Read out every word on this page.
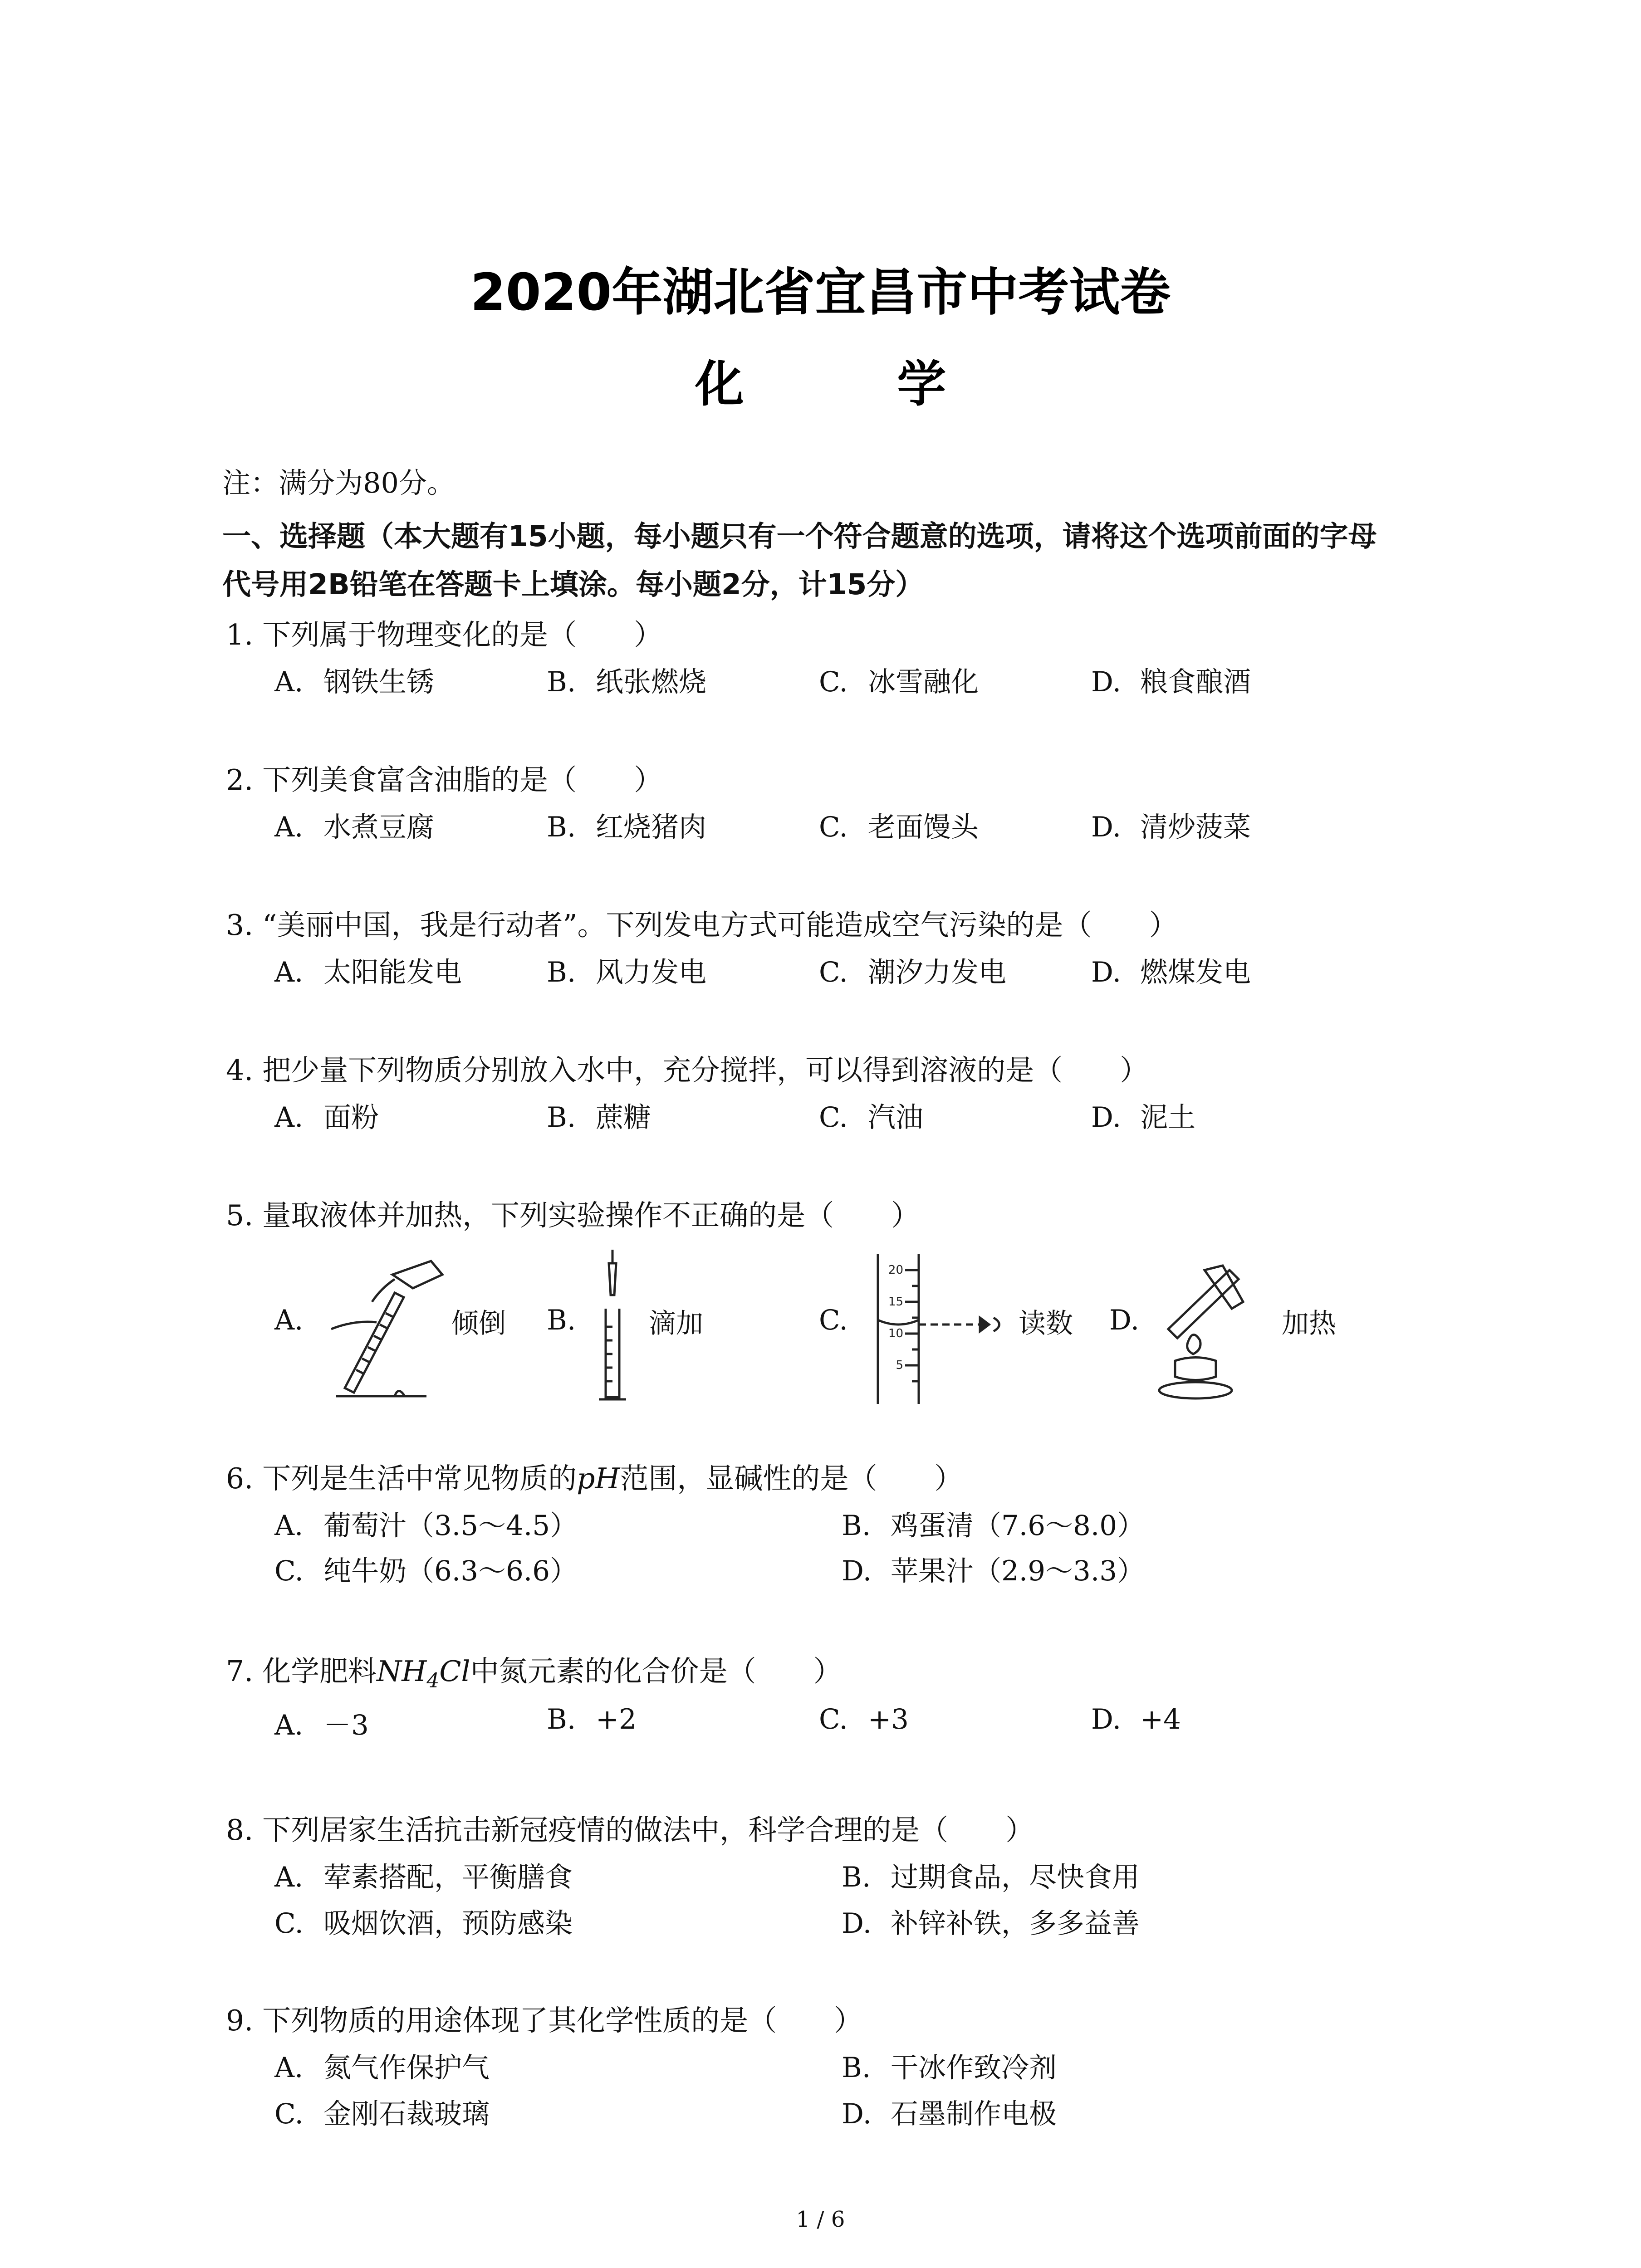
2020年湖北省宜昌市中考试卷
化 学
注：满分为80分。
一、选择题（本大题有15小题，每小题只有一个符合题意的选项，请将这个选项前面的字母
代号用2B铅笔在答题卡上填涂。每小题2分，计15分）
1. 下列属于物理变化的是（　　）
A. 钢铁生锈	B. 纸张燃烧	C. 冰雪融化	D. 粮食酿酒
2. 下列美食富含油脂的是（　　）
A. 水煮豆腐	B. 红烧猪肉	C. 老面馒头	D. 清炒菠菜
3. “美丽中国，我是行动者”。下列发电方式可能造成空气污染的是（　　）
A. 太阳能发电	B. 风力发电	C. 潮汐力发电	D. 燃煤发电
4. 把少量下列物质分别放入水中，充分搅拌，可以得到溶液的是（　　）
A. 面粉	B. 蔗糖	C. 汽油	D. 泥土
5. 量取液体并加热，下列实验操作不正确的是（　　）
A.	倾倒 B.	滴加	C.
20
15
10
5
读数 D.	加热
6. 下列是生活中常见物质的pH范围，显碱性的是（　　）
A. 葡萄汁（3.5～4.5）	B. 鸡蛋清（7.6～8.0）
C. 纯牛奶（6.3～6.6）	D. 苹果汁（2.9～3.3）
7. 化学肥料$NH_4Cl$中氮元素的化合价是（　　）
A. －3	B. +2	C. +3	D. +4
8. 下列居家生活抗击新冠疫情的做法中，科学合理的是（　　）
A. 荤素搭配，平衡膳食	B. 过期食品，尽快食用
C. 吸烟饮酒，预防感染	D. 补锌补铁，多多益善
9. 下列物质的用途体现了其化学性质的是（　　）
A. 氮气作保护气	B. 干冰作致冷剂
C. 金刚石裁玻璃	D. 石墨制作电极
1 / 6
